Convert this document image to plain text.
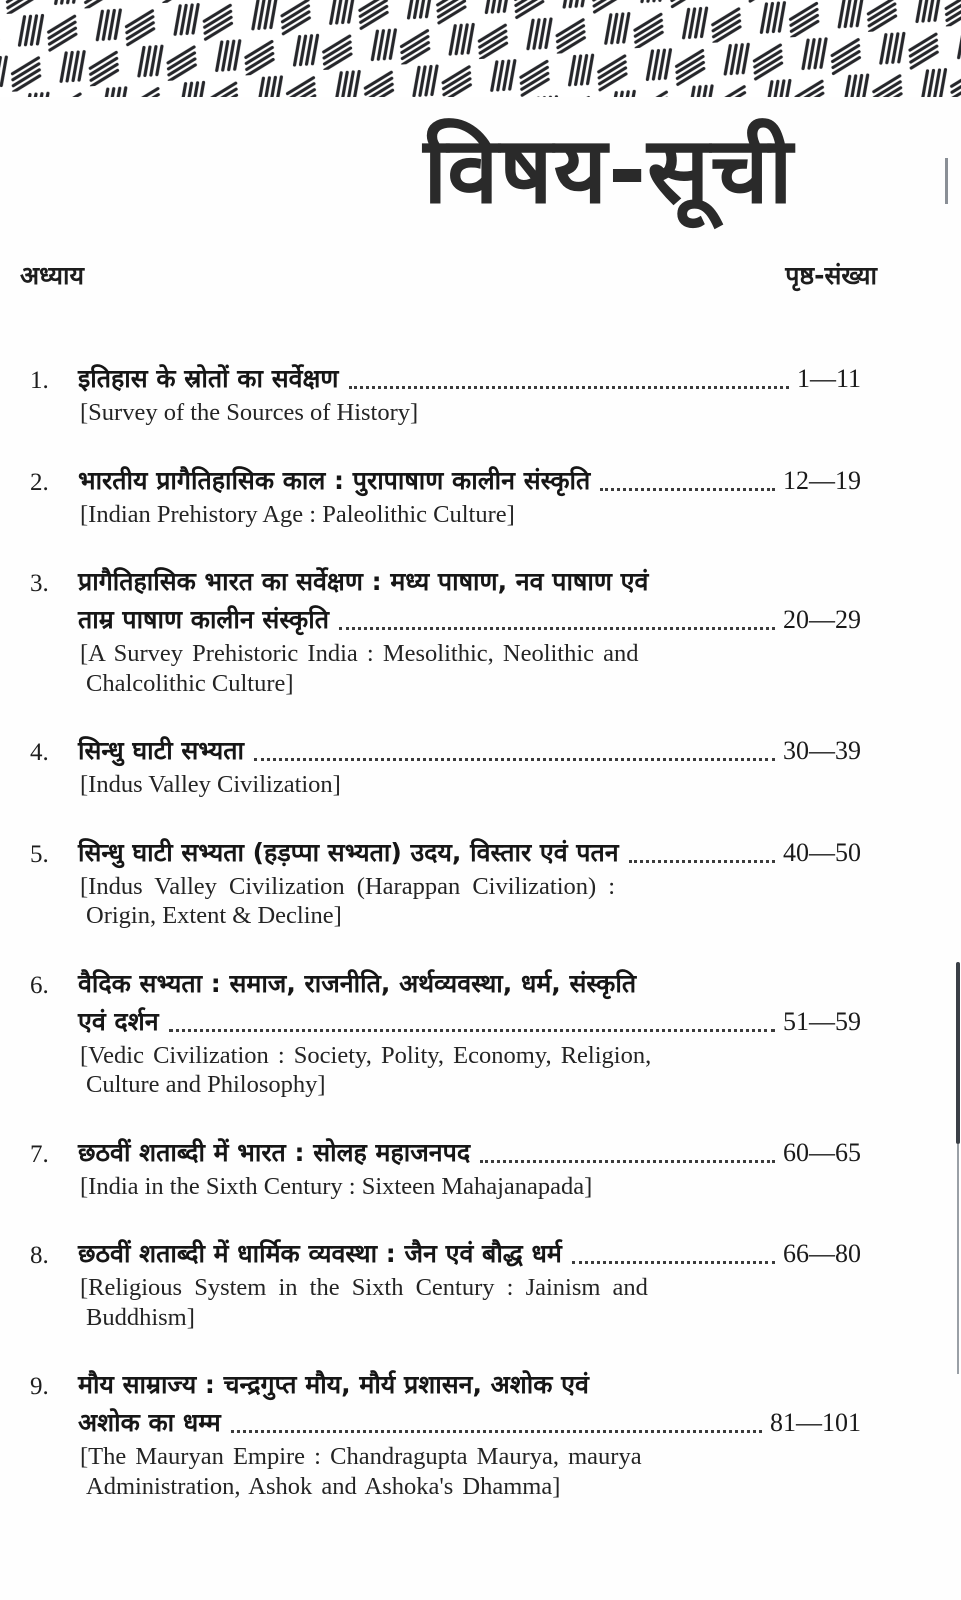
विषय-सूची
अध्याय	पृष्ठ-संख्या
1.	इतिहास के स्रोतों का सर्वेक्षण	1—11
[Survey of the Sources of History]
2.	भारतीय प्रागैतिहासिक काल : पुरापाषाण कालीन संस्कृति	12—19
[Indian Prehistory Age : Paleolithic Culture]
3.	प्रागैतिहासिक भारत का सर्वेक्षण : मध्य पाषाण, नव पाषाण एवं
ताम्र पाषाण कालीन संस्कृति	20—29
[A Survey Prehistoric India : Mesolithic, Neolithic and
Chalcolithic Culture]
4.	सिन्धु घाटी सभ्यता	30—39
[Indus Valley Civilization]
5.	सिन्धु घाटी सभ्यता (हड़प्पा सभ्यता) उदय, विस्तार एवं पतन	40—50
[Indus Valley Civilization (Harappan Civilization) :
Origin, Extent & Decline]
6.	वैदिक सभ्यता : समाज, राजनीति, अर्थव्यवस्था, धर्म, संस्कृति
एवं दर्शन	51—59
[Vedic Civilization : Society, Polity, Economy, Religion,
Culture and Philosophy]
7.	छठवीं शताब्दी में भारत : सोलह महाजनपद	60—65
[India in the Sixth Century : Sixteen Mahajanapada]
8.	छठवीं शताब्दी में धार्मिक व्यवस्था : जैन एवं बौद्ध धर्म	66—80
[Religious System in the Sixth Century : Jainism and
Buddhism]
9.	मौय साम्राज्य : चन्द्रगुप्त मौय, मौर्य प्रशासन, अशोक एवं
अशोक का धम्म	81—101
[The Mauryan Empire : Chandragupta Maurya, maurya
Administration, Ashok and Ashoka's Dhamma]
